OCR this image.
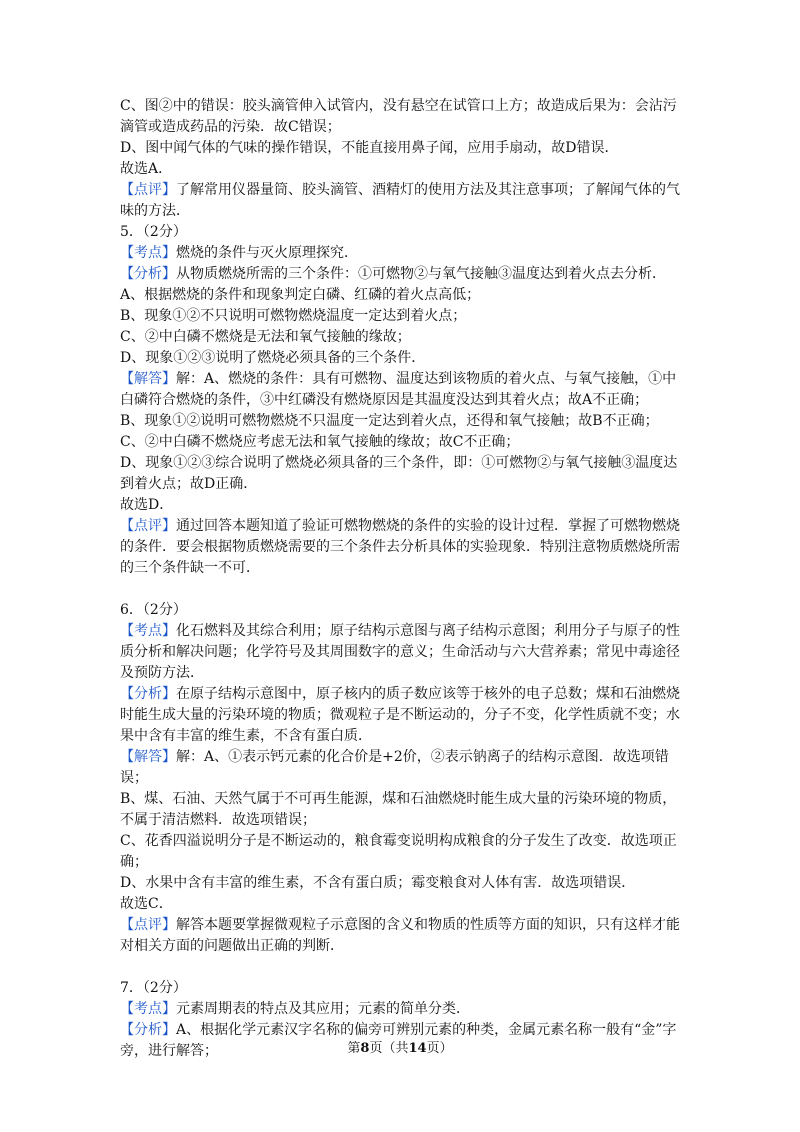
C、图②中的错误：胶头滴管伸入试管内，没有悬空在试管口上方；故造成后果为：会沾污滴管或造成药品的污染．故C错误；

D、图中闻气体的气味的操作错误，不能直接用鼻子闻，应用手扇动，故D错误．

故选A．

【点评】了解常用仪器量筒、胶头滴管、酒精灯的使用方法及其注意事项；了解闻气体的气味的方法．

5．（2分）

【考点】燃烧的条件与灭火原理探究．

【分析】从物质燃烧所需的三个条件：①可燃物②与氧气接触③温度达到着火点去分析．

A、根据燃烧的条件和现象判定白磷、红磷的着火点高低；

B、现象①②不只说明可燃物燃烧温度一定达到着火点；

C、②中白磷不燃烧是无法和氧气接触的缘故；

D、现象①②③说明了燃烧必须具备的三个条件．

【解答】解：A、燃烧的条件：具有可燃物、温度达到该物质的着火点、与氧气接触，①中白磷符合燃烧的条件，③中红磷没有燃烧原因是其温度没达到其着火点；故A不正确；

B、现象①②说明可燃物燃烧不只温度一定达到着火点，还得和氧气接触；故B不正确；

C、②中白磷不燃烧应考虑无法和氧气接触的缘故；故C不正确；

D、现象①②③综合说明了燃烧必须具备的三个条件，即：①可燃物②与氧气接触③温度达到着火点；故D正确．

故选D．

【点评】通过回答本题知道了验证可燃物燃烧的条件的实验的设计过程．掌握了可燃物燃烧的条件．要会根据物质燃烧需要的三个条件去分析具体的实验现象．特别注意物质燃烧所需的三个条件缺一不可．

6．（2分）

【考点】化石燃料及其综合利用；原子结构示意图与离子结构示意图；利用分子与原子的性质分析和解决问题；化学符号及其周围数字的意义；生命活动与六大营养素；常见中毒途径及预防方法．

【分析】在原子结构示意图中，原子核内的质子数应该等于核外的电子总数；煤和石油燃烧时能生成大量的污染环境的物质；微观粒子是不断运动的，分子不变，化学性质就不变；水果中含有丰富的维生素，不含有蛋白质．

【解答】解：A、①表示钙元素的化合价是+2价，②表示钠离子的结构示意图．故选项错误；

B、煤、石油、天然气属于不可再生能源，煤和石油燃烧时能生成大量的污染环境的物质，不属于清洁燃料．故选项错误；

C、花香四溢说明分子是不断运动的，粮食霉变说明构成粮食的分子发生了改变．故选项正确；

D、水果中含有丰富的维生素，不含有蛋白质；霉变粮食对人体有害．故选项错误．

故选C．

【点评】解答本题要掌握微观粒子示意图的含义和物质的性质等方面的知识，只有这样才能对相关方面的问题做出正确的判断．

7．（2分）

【考点】元素周期表的特点及其应用；元素的简单分类．

【分析】A、根据化学元素汉字名称的偏旁可辨别元素的种类，金属元素名称一般有“金”字旁，进行解答；	第8页（共14页）
